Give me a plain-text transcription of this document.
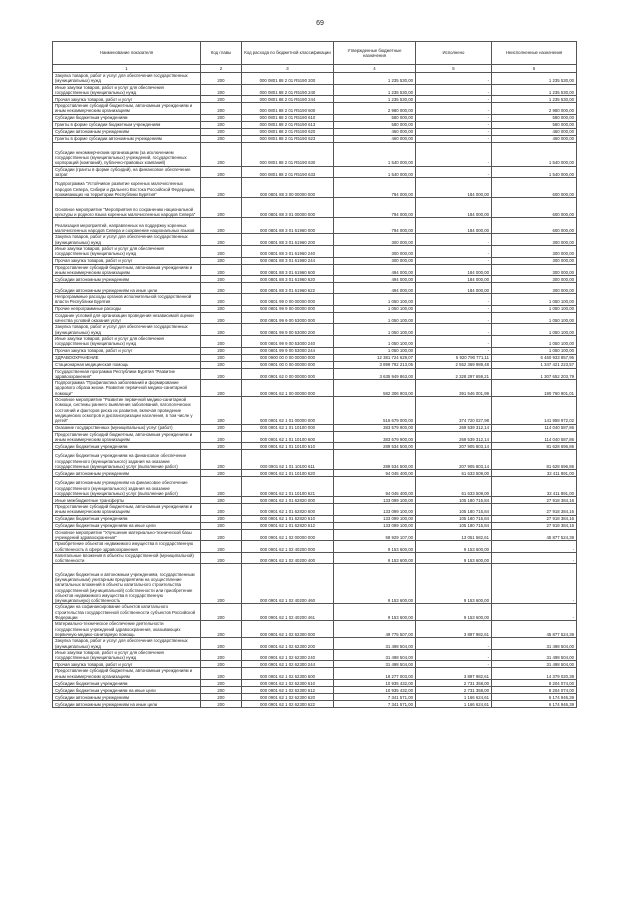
69
Наименование показателя	Код главы	Код расхода по бюджетной классификации	Утвержденные бюджетные назначения	Исполнено	Неисполненные назначения
1	2	3	4	5	6
Закупка товаров, работ и услуг для обеспечения государственных (муниципальных) нужд	200	000 0801 88 2 01 R5190 200	1 235 530,00	-	1 235 530,00
Иные закупки товаров, работ и услуг для обеспечения государственных (муниципальных) нужд	200	000 0801 88 2 01 R5190 240	1 235 530,00	-	1 235 530,00
Прочая закупка товаров, работ и услуг	200	000 0801 88 2 01 R5190 244	1 235 530,00	-	1 235 530,00
Предоставление субсидий бюджетным, автономным учреждениям и иным некоммерческим организациям	200	000 0801 88 2 01 R5190 600	2 980 000,00	-	2 980 000,00
Субсидии бюджетным учреждениям	200	000 0801 88 2 01 R5190 610	580 000,00	-	580 000,00
Гранты в форме субсидии бюджетным учреждениям	200	000 0801 88 2 01 R5190 613	580 000,00	-	580 000,00
Субсидии автономным учреждениям	200	000 0801 88 2 01 R5190 620	460 000,00	-	460 000,00
Гранты в форме субсидии автономным учреждениям	200	000 0801 88 2 01 R5190 623	460 000,00	-	460 000,00
Субсидии некоммерческим организациям (за исключением государственных (муниципальных) учреждений, государственных корпораций (компаний), публично-правовых компаний)	200	000 0801 88 2 01 R5190 630	1 540 000,00	-	1 540 000,00
Субсидии (гранты в форме субсидий), на финансовое обеспечение затрат	200	000 0801 88 2 01 R5190 633	1 540 000,00	-	1 540 000,00
Подпрограмма "Устойчивое развитие коренных малочисленных народов Севера, Сибири и Дальнего Востока Российской Федерации, проживающих на территории Республики Бурятия"	200	000 0801 88 3 00 00000 000	794 000,00	184 000,00	600 000,00
Основное мероприятие "Мероприятия по сохранению национальной культуры и родного языка коренных малочисленных народов Севера"	200	000 0801 88 3 01 00000 000	794 000,00	184 000,00	600 000,00
Реализация мероприятий, направленных на поддержку коренных малочисленных народов Севера и сохранение национальных языков	200	000 0801 88 3 01 61960 000	794 000,00	184 000,00	600 000,00
Закупка товаров, работ и услуг для обеспечения государственных (муниципальных) нужд	200	000 0801 88 3 01 61960 200	300 000,00	-	300 000,00
Иные закупки товаров, работ и услуг для обеспечения государственных (муниципальных) нужд	200	000 0801 88 3 01 61960 240	300 000,00	-	300 000,00
Прочая закупка товаров, работ и услуг	200	000 0801 88 3 01 61960 244	300 000,00	-	300 000,00
Предоставление субсидий бюджетным, автономным учреждениям и иным некоммерческим организациям	200	000 0801 88 3 01 61960 600	494 000,00	184 000,00	300 000,00
Субсидии автономным учреждениям	200	000 0801 88 3 01 61960 620	494 000,00	184 000,00	300 000,00
Субсидии автономным учреждениям на иные цели	200	000 0801 88 3 01 61960 622	494 000,00	184 000,00	300 000,00
Непрограммные расходы органов исполнительной государственной власти Республики Бурятия	200	000 0801 99 0 00 00000 000	1 050 100,00	-	1 050 100,00
Прочие непрограммные расходы	200	000 0801 99 9 00 00000 000	1 050 100,00	-	1 050 100,00
Создание условий для организации проведения независимой оценки качества условий оказания услуг	200	000 0801 99 9 00 53000 000	1 050 100,00	-	1 050 100,00
Закупка товаров, работ и услуг для обеспечения государственных (муниципальных) нужд	200	000 0801 99 9 00 53000 200	1 050 100,00	-	1 050 100,00
Иные закупки товаров, работ и услуг для обеспечения государственных (муниципальных) нужд	200	000 0801 99 9 00 53000 240	1 050 100,00	-	1 050 100,00
Прочая закупка товаров, работ и услуг	200	000 0801 99 9 00 53000 244	1 050 100,00	-	1 050 100,00
ЗДРАВООХРАНЕНИЕ	200	000 0900 00 0 00 00000 000	12 381 724 629,07	5 920 790 771,11	6 460 933 857,96
Стационарная медицинская помощь	200	000 0901 00 0 00 00000 000	3 899 792 213,05	2 552 369 989,48	1 347 421 223,57
Государственная программа Республики Бурятия "Развитие здравоохранения"	200	000 0901 62 0 00 00000 000	3 635 949 863,00	2 328 297 659,21	1 307 652 203,79
Подпрограмма "Профилактика заболеваний и формирование здорового образа жизни. Развитие первичной медико-санитарной помощи"	200	000 0901 62 1 00 00000 000	582 306 903,00	391 546 001,99	190 760 901,01
Основное мероприятие "Развитие первичной медико-санитарной помощи, системы раннего выявления заболеваний, патологических состояний и факторов риска их развития, включая проведение медицинских осмотров и диспансеризации населения, в том числе у детей"	200	000 0901 62 1 01 00000 000	516 679 000,00	374 720 027,98	141 958 972,02
Оказание государственных (муниципальных) услуг (работ)	200	000 0901 62 1 01 10100 000	383 579 900,00	269 539 312,14	114 040 587,86
Предоставление субсидий бюджетным, автономным учреждениям и иным некоммерческим организациям	200	000 0901 62 1 01 10100 600	383 579 900,00	269 539 312,14	114 040 587,86
Субсидии бюджетным учреждениям	200	000 0901 62 1 01 10100 610	289 534 500,00	207 905 803,14	81 628 696,86
Субсидии бюджетным учреждениям на финансовое обеспечение государственного (муниципального) задания на оказание государственных (муниципальных) услуг (выполнение работ)	200	000 0901 62 1 01 10100 611	289 534 500,00	207 905 803,14	81 628 696,86
Субсидии автономным учреждениям	200	000 0901 62 1 01 10100 620	94 045 400,00	61 633 509,00	32 411 891,00
Субсидии автономным учреждениям на финансовое обеспечение государственного (муниципального) задания на оказание государственных (муниципальных) услуг (выполнение работ)	200	000 0901 62 1 01 10100 621	94 045 400,00	61 633 509,00	32 411 891,00
Иные межбюджетные трансферты	200	000 0901 62 1 01 62820 000	133 099 100,00	105 180 715,84	27 918 384,16
Предоставление субсидий бюджетным, автономным учреждениям и иным некоммерческим организациям	200	000 0901 62 1 01 62820 600	133 099 100,00	105 180 715,84	27 918 384,16
Субсидии бюджетным учреждениям	200	000 0901 62 1 01 62820 610	133 099 100,00	105 180 715,84	27 918 384,16
Субсидии бюджетным учреждениям на иные цели	200	000 0901 62 1 01 62820 612	133 099 100,00	105 180 715,84	27 918 384,16
Основное мероприятие "Улучшение материально-технической базы учреждений здравоохранения"	200	000 0901 62 1 02 00000 000	58 929 107,00	13 051 582,61	45 877 524,39
Приобретение объектов недвижимого имущества в государственную собственность в сфере здравоохранения	200	000 0901 62 1 02 40200 000	9 153 600,00	9 153 600,00	-
Капитальные вложения в объекты государственной (муниципальной) собственности	200	000 0901 62 1 02 40200 400	9 153 600,00	9 153 600,00	-
Субсидии бюджетным и автономным учреждениям, государственным (муниципальным) унитарным предприятиям на осуществление капитальных вложений в объекты капитального строительства государственной (муниципальной) собственности или приобретение объектов недвижимого имущества в государственную (муниципальную) собственность	200	000 0901 62 1 02 40200 460	9 153 600,00	9 153 600,00	-
Субсидии на софинансирование объектов капитального строительства государственной собственности субъектов Российской Федерации	200	000 0901 62 1 02 40200 461	9 153 600,00	9 153 600,00	-
Материально-техническое обеспечение деятельности государственных учреждений здравоохранения, оказывающих первичную медико-санитарную помощь	200	000 0901 62 1 02 62300 000	49 775 507,00	3 897 982,61	45 877 524,39
Закупка товаров, работ и услуг для обеспечения государственных (муниципальных) нужд	200	000 0901 62 1 02 62300 200	31 498 504,00	-	31 498 504,00
Иные закупки товаров, работ и услуг для обеспечения государственных (муниципальных) нужд	200	000 0901 62 1 02 62300 240	31 498 504,00	-	31 498 504,00
Прочая закупка товаров, работ и услуг	200	000 0901 62 1 02 62300 244	31 498 504,00	-	31 498 504,00
Предоставление субсидий бюджетным, автономным учреждениям и иным некоммерческим организациям	200	000 0901 62 1 02 62300 600	18 277 003,00	3 897 982,61	14 379 020,39
Субсидии бюджетным учреждениям	200	000 0901 62 1 02 62300 610	10 935 432,00	2 731 358,00	8 204 074,00
Субсидии бюджетным учреждениям на иные цели	200	000 0901 62 1 02 62300 612	10 935 432,00	2 731 358,00	8 204 074,00
Субсидии автономным учреждениям	200	000 0901 62 1 02 62300 620	7 341 571,00	1 166 624,61	6 174 946,39
Субсидии автономным учреждениям на иные цели	200	000 0901 62 1 02 62300 622	7 341 571,00	1 166 624,61	6 174 946,39
